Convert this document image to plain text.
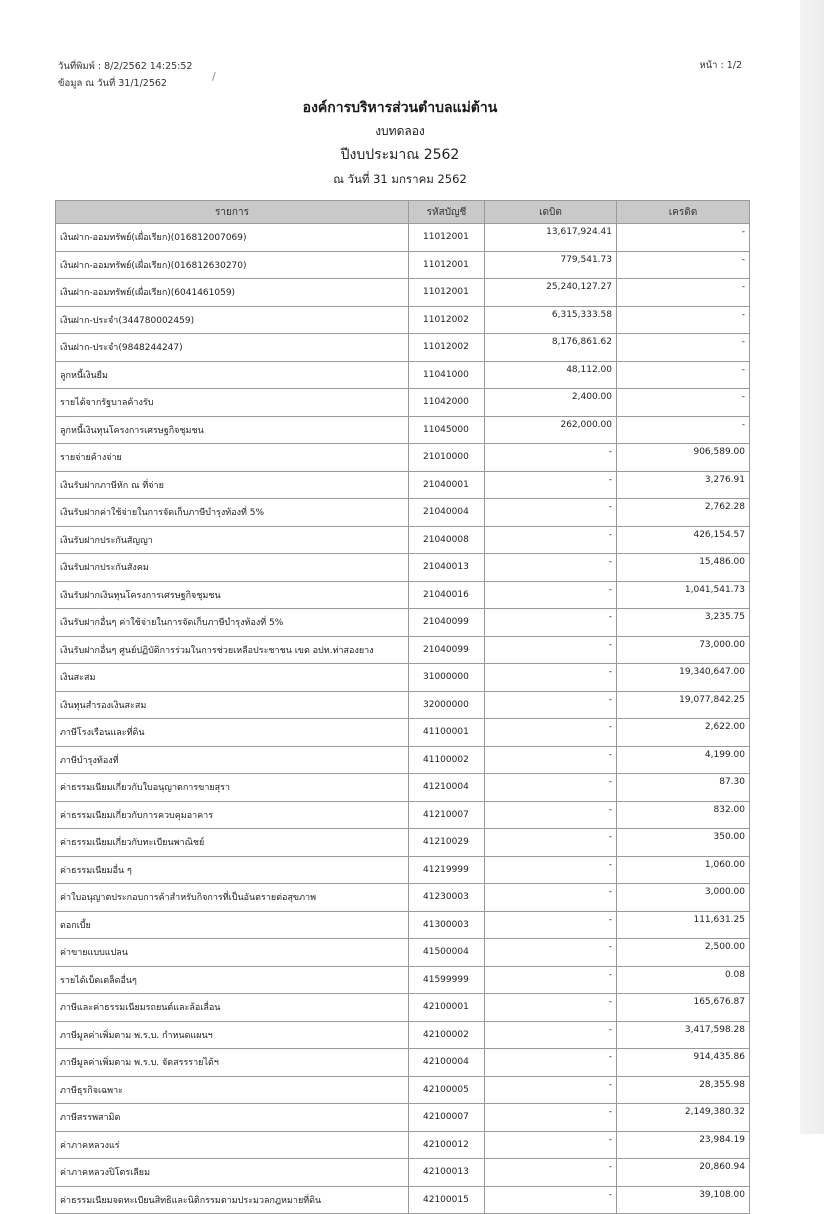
วันที่พิมพ์ : 8/2/2562 14:25:52
ข้อมูล ณ วันที่ 31/1/2562
หน้า : 1/2
/
องค์การบริหารส่วนตำบลแม่ต้าน
งบทดลอง
ปีงบประมาณ 2562
ณ วันที่ 31 มกราคม 2562
รายการ	รหัสบัญชี	เดบิต	เครดิต
เงินฝาก-ออมทรัพย์(เผื่อเรียก)(016812007069)	11012001	13,617,924.41	-
เงินฝาก-ออมทรัพย์(เผื่อเรียก)(016812630270)	11012001	779,541.73	-
เงินฝาก-ออมทรัพย์(เผื่อเรียก)(6041461059)	11012001	25,240,127.27	-
เงินฝาก-ประจำ(344780002459)	11012002	6,315,333.58	-
เงินฝาก-ประจำ(9848244247)	11012002	8,176,861.62	-
ลูกหนี้เงินยืม	11041000	48,112.00	-
รายได้จากรัฐบาลค้างรับ	11042000	2,400.00	-
ลูกหนี้เงินทุนโครงการเศรษฐกิจชุมชน	11045000	262,000.00	-
รายจ่ายค้างจ่าย	21010000	-	906,589.00
เงินรับฝากภาษีหัก ณ ที่จ่าย	21040001	-	3,276.91
เงินรับฝากค่าใช้จ่ายในการจัดเก็บภาษีบำรุงท้องที่ 5%	21040004	-	2,762.28
เงินรับฝากประกันสัญญา	21040008	-	426,154.57
เงินรับฝากประกันสังคม	21040013	-	15,486.00
เงินรับฝากเงินทุนโครงการเศรษฐกิจชุมชน	21040016	-	1,041,541.73
เงินรับฝากอื่นๆ ค่าใช้จ่ายในการจัดเก็บภาษีบำรุงท้องที่ 5%	21040099	-	3,235.75
เงินรับฝากอื่นๆ ศูนย์ปฏิบัติการร่วมในการช่วยเหลือประชาชน เขต อปท.ท่าสองยาง	21040099	-	73,000.00
เงินสะสม	31000000	-	19,340,647.00
เงินทุนสำรองเงินสะสม	32000000	-	19,077,842.25
ภาษีโรงเรือนและที่ดิน	41100001	-	2,622.00
ภาษีบำรุงท้องที่	41100002	-	4,199.00
ค่าธรรมเนียมเกี่ยวกับใบอนุญาตการขายสุรา	41210004	-	87.30
ค่าธรรมเนียมเกี่ยวกับการควบคุมอาคาร	41210007	-	832.00
ค่าธรรมเนียมเกี่ยวกับทะเบียนพาณิชย์	41210029	-	350.00
ค่าธรรมเนียมอื่น ๆ	41219999	-	1,060.00
ค่าใบอนุญาตประกอบการค้าสำหรับกิจการที่เป็นอันตรายต่อสุขภาพ	41230003	-	3,000.00
ดอกเบี้ย	41300003	-	111,631.25
ค่าขายแบบแปลน	41500004	-	2,500.00
รายได้เบ็ดเตล็ดอื่นๆ	41599999	-	0.08
ภาษีและค่าธรรมเนียมรถยนต์และล้อเลื่อน	42100001	-	165,676.87
ภาษีมูลค่าเพิ่มตาม พ.ร.บ. กำหนดแผนฯ	42100002	-	3,417,598.28
ภาษีมูลค่าเพิ่มตาม พ.ร.บ. จัดสรรรายได้ฯ	42100004	-	914,435.86
ภาษีธุรกิจเฉพาะ	42100005	-	28,355.98
ภาษีสรรพสามิต	42100007	-	2,149,380.32
ค่าภาคหลวงแร่	42100012	-	23,984.19
ค่าภาคหลวงปิโตรเลียม	42100013	-	20,860.94
ค่าธรรมเนียมจดทะเบียนสิทธิและนิติกรรมตามประมวลกฎหมายที่ดิน	42100015	-	39,108.00
